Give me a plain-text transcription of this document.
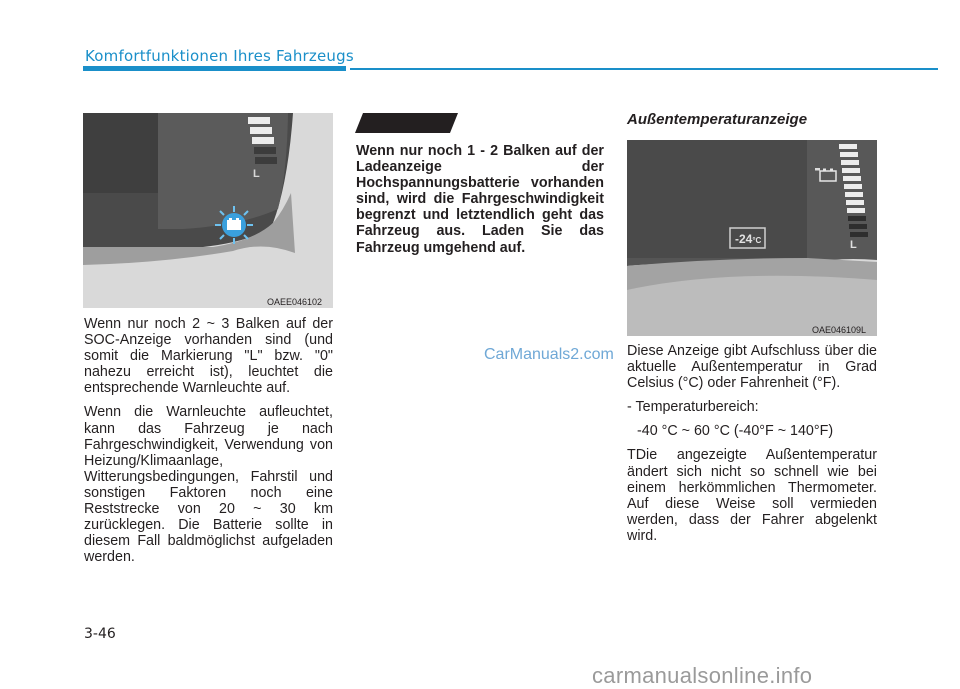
Komfortfunktionen Ihres Fahrzeugs
L
OAEE046102

Wenn nur noch 2 ~ 3 Balken auf der SOC-Anzeige vorhanden sind (und somit die Markierung "L" bzw. "0" nahezu erreicht ist), leuchtet die entsprechende Warnleuchte auf.

Wenn die Warnleuchte aufleuchtet, kann das Fahrzeug je nach Fahrgeschwindigkeit, Verwendung von Heizung/Klimaanlage, Witterungsbedingungen, Fahrstil und sonstigen Faktoren noch eine Reststrecke von 20 ~ 30 km zurücklegen. Die Batterie sollte in diesem Fall baldmöglichst aufgeladen werden.

ANMERKUNG

Wenn nur noch 1 - 2 Balken auf der Ladeanzeige der Hochspannungsbatterie vorhanden sind, wird die Fahrgeschwindigkeit begrenzt und letztendlich geht das Fahrzeug aus. Laden Sie das Fahrzeug umgehend auf.

Außentemperaturanzeige
-24°C	L
OAE046109L

Diese Anzeige gibt Aufschluss über die aktuelle Außentemperatur in Grad Celsius (°C) oder Fahrenheit (°F).

- Temperaturbereich:

-40 °C ~ 60 °C (-40°F ~ 140°F)

TDie angezeigte Außentemperatur ändert sich nicht so schnell wie bei einem herkömmlichen Thermometer. Auf diese Weise soll vermieden werden, dass der Fahrer abgelenkt wird.

CarManuals2.com
3-46
carmanualsonline.info
